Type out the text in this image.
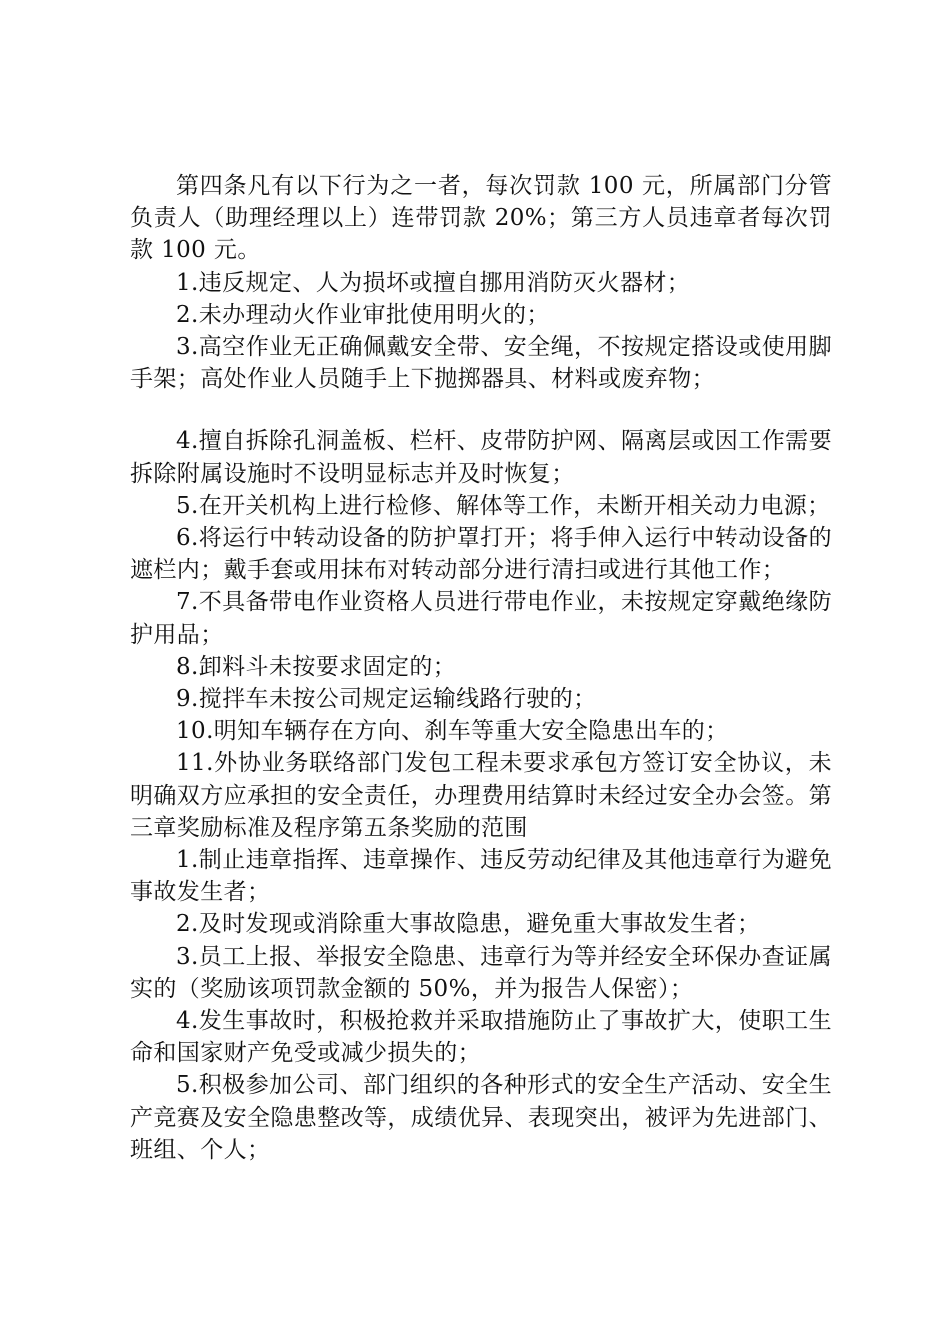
第四条凡有以下行为之一者，每次罚款 100 元，所属部门分管负责人（助理经理以上）连带罚款 20%；第三方人员违章者每次罚款 100 元。

1.违反规定、人为损坏或擅自挪用消防灭火器材；

2.未办理动火作业审批使用明火的；

3.高空作业无正确佩戴安全带、安全绳，不按规定搭设或使用脚手架；高处作业人员随手上下抛掷器具、材料或废弃物；

4.擅自拆除孔洞盖板、栏杆、皮带防护网、隔离层或因工作需要拆除附属设施时不设明显标志并及时恢复；

5.在开关机构上进行检修、解体等工作，未断开相关动力电源；

6.将运行中转动设备的防护罩打开；将手伸入运行中转动设备的遮栏内；戴手套或用抹布对转动部分进行清扫或进行其他工作；

7.不具备带电作业资格人员进行带电作业，未按规定穿戴绝缘防护用品；

8.卸料斗未按要求固定的；

9.搅拌车未按公司规定运输线路行驶的；

10.明知车辆存在方向、刹车等重大安全隐患出车的；

11.外协业务联络部门发包工程未要求承包方签订安全协议，未明确双方应承担的安全责任，办理费用结算时未经过安全办会签。第三章奖励标准及程序第五条奖励的范围

1.制止违章指挥、违章操作、违反劳动纪律及其他违章行为避免事故发生者；

2.及时发现或消除重大事故隐患，避免重大事故发生者；

3.员工上报、举报安全隐患、违章行为等并经安全环保办查证属实的（奖励该项罚款金额的 50%，并为报告人保密）；

4.发生事故时，积极抢救并采取措施防止了事故扩大，使职工生命和国家财产免受或减少损失的；

5.积极参加公司、部门组织的各种形式的安全生产活动、安全生产竞赛及安全隐患整改等，成绩优异、表现突出，被评为先进部门、班组、个人；
